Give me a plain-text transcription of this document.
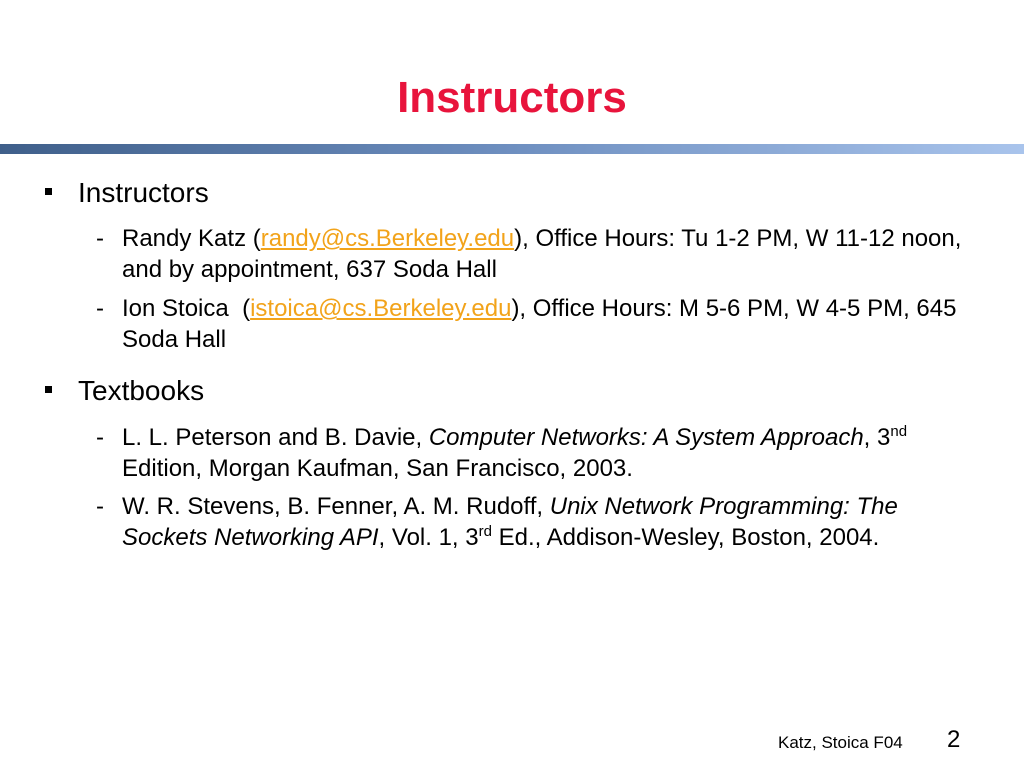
Instructors
Instructors
- Randy Katz (randy@cs.Berkeley.edu), Office Hours: Tu 1-2 PM, W 11-12 noon, and by appointment, 637 Soda Hall
- Ion Stoica  (istoica@cs.Berkeley.edu), Office Hours: M 5-6 PM, W 4-5 PM, 645 Soda Hall
Textbooks
- L. L. Peterson and B. Davie, Computer Networks: A System Approach, 3nd Edition, Morgan Kaufman, San Francisco, 2003.
- W. R. Stevens, B. Fenner, A. M. Rudoff, Unix Network Programming: The Sockets Networking API, Vol. 1, 3rd Ed., Addison-Wesley, Boston, 2004.
Katz, Stoica F04 2
